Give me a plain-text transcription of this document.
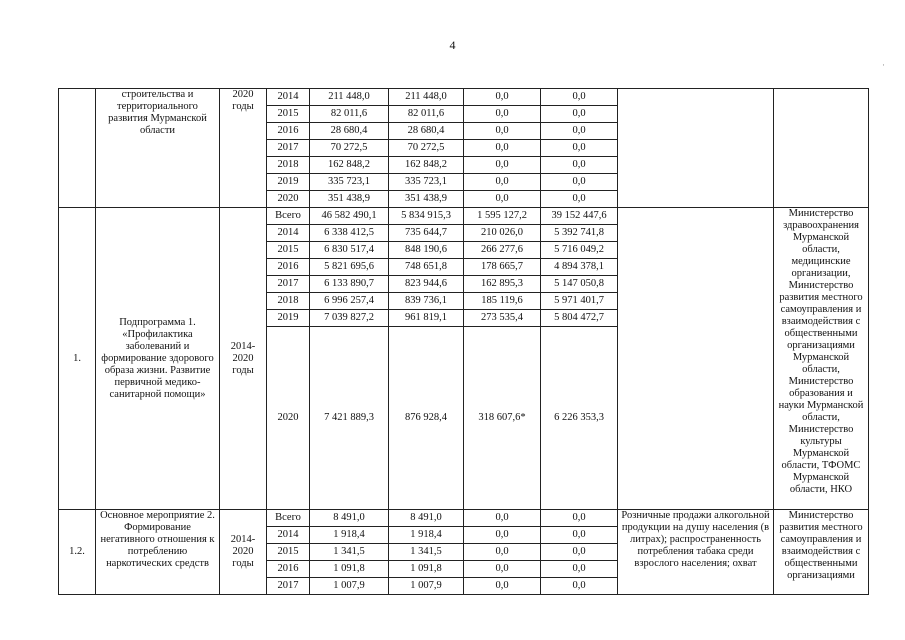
4
·
	строительства и территориального развития Мурманской области	2020 годы	2014	211 448,0	211 448,0	0,0	0,0		
			2015	82 011,6	82 011,6	0,0	0,0		
			2016	28 680,4	28 680,4	0,0	0,0		
			2017	70 272,5	70 272,5	0,0	0,0		
			2018	162 848,2	162 848,2	0,0	0,0		
			2019	335 723,1	335 723,1	0,0	0,0		
			2020	351 438,9	351 438,9	0,0	0,0		
1.	Подпрограмма 1. «Профилактика заболеваний и формирование здорового образа жизни. Развитие первичной медико-санитарной помощи»	2014-2020 годы	Всего	46 582 490,1	5 834 915,3	1 595 127,2	39 152 447,6		Министерство здравоохранения Мурманской области, медицинские организации, Министерство развития местного самоуправления и взаимодействия с общественными организациями Мурманской области, Министерство образования и науки Мурманской области, Министерство культуры Мурманской области, ТФОМС Мурманской области, НКО
			2014	6 338 412,5	735 644,7	210 026,0	5 392 741,8		
			2015	6 830 517,4	848 190,6	266 277,6	5 716 049,2		
			2016	5 821 695,6	748 651,8	178 665,7	4 894 378,1		
			2017	6 133 890,7	823 944,6	162 895,3	5 147 050,8		
			2018	6 996 257,4	839 736,1	185 119,6	5 971 401,7		
			2019	7 039 827,2	961 819,1	273 535,4	5 804 472,7		
			2020	7 421 889,3	876 928,4	318 607,6*	6 226 353,3		
1.2.	Основное мероприятие 2. Формирование негативного отношения к потреблению наркотических средств	2014-2020 годы	Всего	8 491,0	8 491,0	0,0	0,0	Розничные продажи алкогольной продукции на душу населения (в литрах); распространенность потребления табака среди взрослого населения; охват	Министерство развития местного самоуправления и взаимодействия с общественными организациями
			2014	1 918,4	1 918,4	0,0	0,0		
			2015	1 341,5	1 341,5	0,0	0,0		
			2016	1 091,8	1 091,8	0,0	0,0		
			2017	1 007,9	1 007,9	0,0	0,0		
